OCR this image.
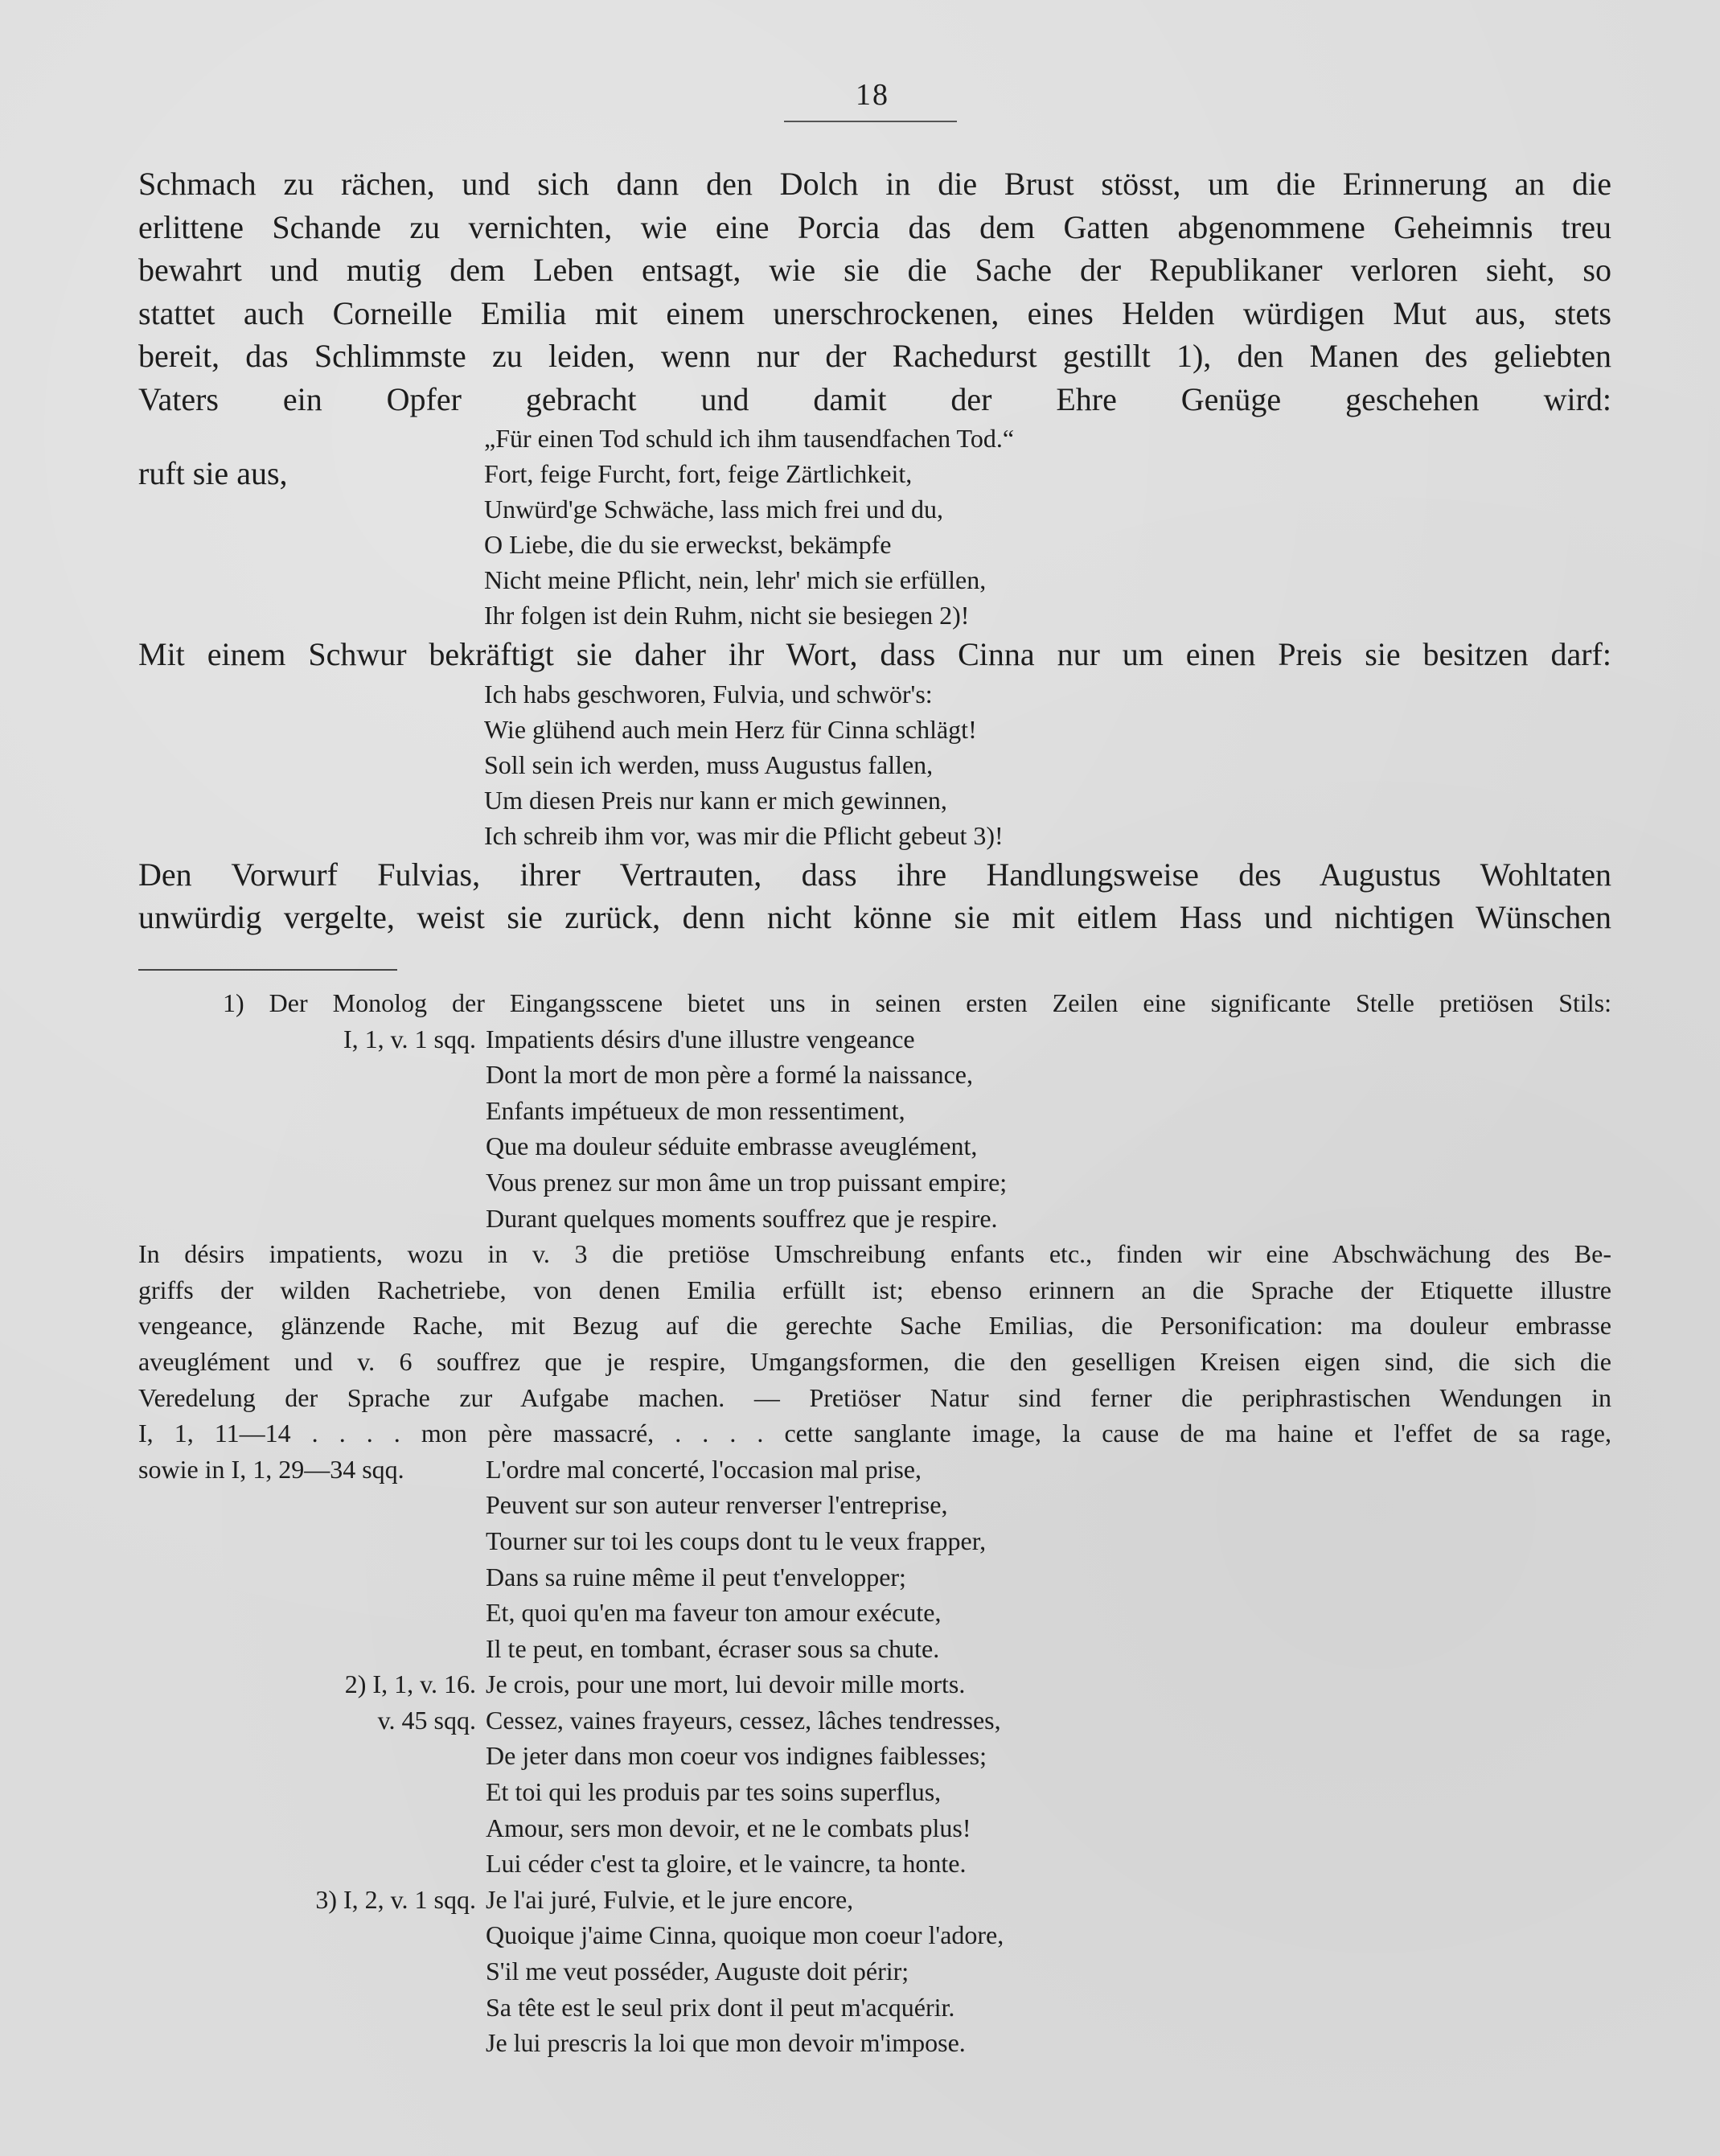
18
Schmach zu rächen, und sich dann den Dolch in die Brust stösst, um die Erinnerung an die
erlittene Schande zu vernichten, wie eine Porcia das dem Gatten abgenommene Geheimnis treu
bewahrt und mutig dem Leben entsagt, wie sie die Sache der Republikaner verloren sieht, so
stattet auch Corneille Emilia mit einem unerschrockenen, eines Helden würdigen Mut aus, stets
bereit, das Schlimmste zu leiden, wenn nur der Rachedurst gestillt 1), den Manen des geliebten
Vaters ein Opfer gebracht und damit der Ehre Genüge geschehen wird:
„Für einen Tod schuld ich ihm tausendfachen Tod.“
ruft sie aus,	Fort, feige Furcht, fort, feige Zärtlichkeit,
Unwürd'ge Schwäche, lass mich frei und du,
O Liebe, die du sie erweckst, bekämpfe
Nicht meine Pflicht, nein, lehr' mich sie erfüllen,
Ihr folgen ist dein Ruhm, nicht sie besiegen 2)!
Mit einem Schwur bekräftigt sie daher ihr Wort, dass Cinna nur um einen Preis sie besitzen darf:
Ich habs geschworen, Fulvia, und schwör's:
Wie glühend auch mein Herz für Cinna schlägt!
Soll sein ich werden, muss Augustus fallen,
Um diesen Preis nur kann er mich gewinnen,
Ich schreib ihm vor, was mir die Pflicht gebeut 3)!
Den Vorwurf Fulvias, ihrer Vertrauten, dass ihre Handlungsweise des Augustus Wohltaten
unwürdig vergelte, weist sie zurück, denn nicht könne sie mit eitlem Hass und nichtigen Wünschen
1) Der Monolog der Eingangsscene bietet uns in seinen ersten Zeilen eine significante Stelle pretiösen Stils:
I, 1, v. 1 sqq. Impatients désirs d'une illustre vengeance
Dont la mort de mon père a formé la naissance,
Enfants impétueux de mon ressentiment,
Que ma douleur séduite embrasse aveuglément,
Vous prenez sur mon âme un trop puissant empire;
Durant quelques moments souffrez que je respire.
In désirs impatients, wozu in v. 3 die pretiöse Umschreibung enfants etc., finden wir eine Abschwächung des Be-
griffs der wilden Rachetriebe, von denen Emilia erfüllt ist; ebenso erinnern an die Sprache der Etiquette illustre
vengeance, glänzende Rache, mit Bezug auf die gerechte Sache Emilias, die Personification: ma douleur embrasse
aveuglément und v. 6 souffrez que je respire, Umgangsformen, die den geselligen Kreisen eigen sind, die sich die
Veredelung der Sprache zur Aufgabe machen. — Pretiöser Natur sind ferner die periphrastischen Wendungen in
I, 1, 11—14 . . . . mon père massacré, . . . . cette sanglante image, la cause de ma haine et l'effet de sa rage,
sowie in I, 1, 29—34 sqq.	L'ordre mal concerté, l'occasion mal prise,
Peuvent sur son auteur renverser l'entreprise,
Tourner sur toi les coups dont tu le veux frapper,
Dans sa ruine même il peut t'envelopper;
Et, quoi qu'en ma faveur ton amour exécute,
Il te peut, en tombant, écraser sous sa chute.
2) I, 1, v. 16. Je crois, pour une mort, lui devoir mille morts.
v. 45 sqq. Cessez, vaines frayeurs, cessez, lâches tendresses,
De jeter dans mon coeur vos indignes faiblesses;
Et toi qui les produis par tes soins superflus,
Amour, sers mon devoir, et ne le combats plus!
Lui céder c'est ta gloire, et le vaincre, ta honte.
3) I, 2, v. 1 sqq. Je l'ai juré, Fulvie, et le jure encore,
Quoique j'aime Cinna, quoique mon coeur l'adore,
S'il me veut posséder, Auguste doit périr;
Sa tête est le seul prix dont il peut m'acquérir.
Je lui prescris la loi que mon devoir m'impose.
